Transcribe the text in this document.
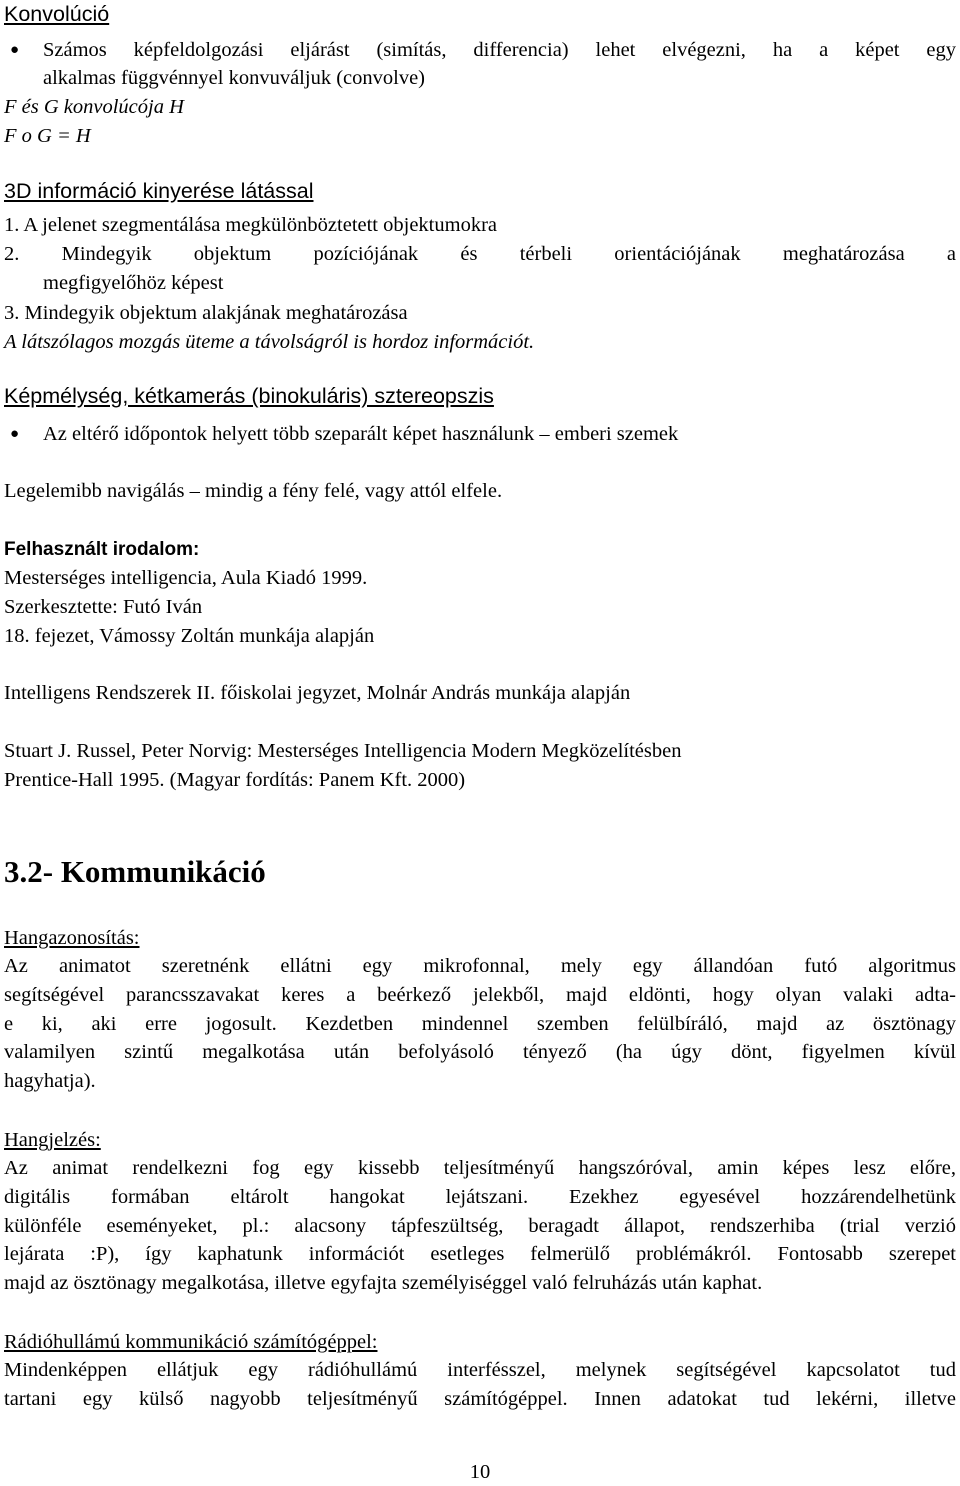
Konvolúció
● Számos képfeldolgozási eljárást (simítás, differencia) lehet elvégezni, ha a képet egy
alkalmas függvénnyel konvuváljuk (convolve)
F és G konvolúcója H
F o G = H
3D információ kinyerése látással
1. A jelenet szegmentálása megkülönböztetett objektumokra
2. Mindegyik objektum pozíciójának és térbeli orientációjának meghatározása a
megfigyelőhöz képest
3. Mindegyik objektum alakjának meghatározása
A látszólagos mozgás üteme a távolságról is hordoz információt.
Képmélység, kétkamerás (binokuláris) sztereopszis
● Az eltérő időpontok helyett több szeparált képet használunk – emberi szemek
Legelemibb navigálás – mindig a fény felé, vagy attól elfele.
Felhasznált irodalom:
Mesterséges intelligencia, Aula Kiadó 1999.
Szerkesztette: Futó Iván
18. fejezet, Vámossy Zoltán munkája alapján
Intelligens Rendszerek II. főiskolai jegyzet, Molnár András munkája alapján
Stuart J. Russel, Peter Norvig: Mesterséges Intelligencia Modern Megközelítésben
Prentice-Hall 1995. (Magyar fordítás: Panem Kft. 2000)
3.2- Kommunikáció
Hangazonosítás:
Az animatot szeretnénk ellátni egy mikrofonnal, mely egy állandóan futó algoritmus
segítségével parancsszavakat keres a beérkező jelekből, majd eldönti, hogy olyan valaki adta-
e ki, aki erre jogosult. Kezdetben mindennel szemben felülbíráló, majd az ösztönagy
valamilyen szintű megalkotása után befolyásoló tényező (ha úgy dönt, figyelmen kívül
hagyhatja).
Hangjelzés:
Az animat rendelkezni fog egy kissebb teljesítményű hangszóróval, amin képes lesz előre,
digitális formában eltárolt hangokat lejátszani. Ezekhez egyesével hozzárendelhetünk
különféle eseményeket, pl.: alacsony tápfeszültség, beragadt állapot, rendszerhiba (trial verzió
lejárata :P), így kaphatunk információt esetleges felmerülő problémákról. Fontosabb szerepet
majd az ösztönagy megalkotása, illetve egyfajta személyiséggel való felruházás után kaphat.
Rádióhullámú kommunikáció számítógéppel:
Mindenképpen ellátjuk egy rádióhullámú interfésszel, melynek segítségével kapcsolatot tud
tartani egy külső nagyobb teljesítményű számítógéppel. Innen adatokat tud lekérni, illetve
10
